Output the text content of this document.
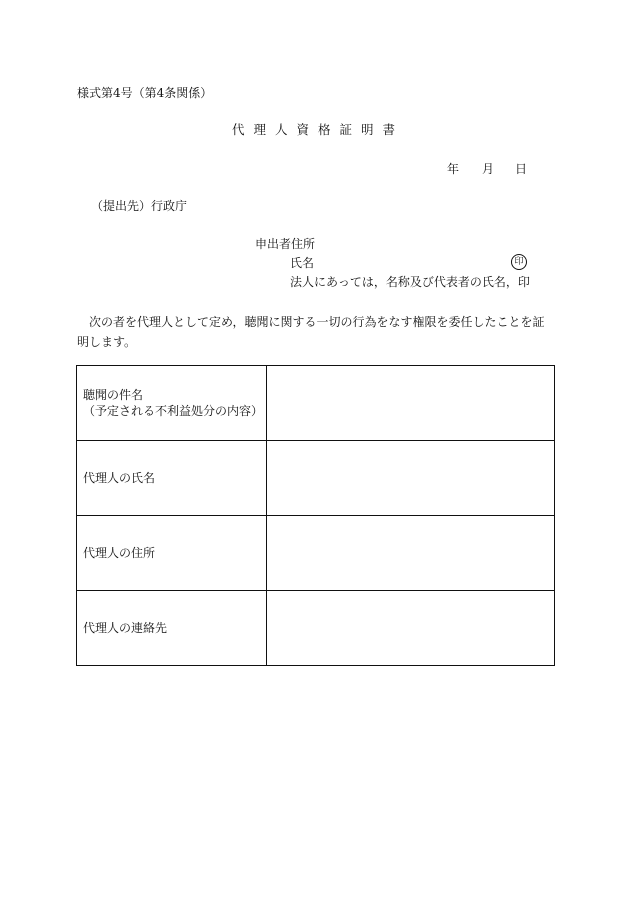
様式第4号（第4条関係）
代理人資格証明書
年 月 日
（提出先）行政庁
申出者住所
氏名	印
法人にあっては，名称及び代表者の氏名，印
次の者を代理人として定め，聴聞に関する一切の行為をなす権限を委任したことを証明します。
聴聞の件名
（予定される不利益処分の内容）	

代理人の氏名	

代理人の住所	

代理人の連絡先	
